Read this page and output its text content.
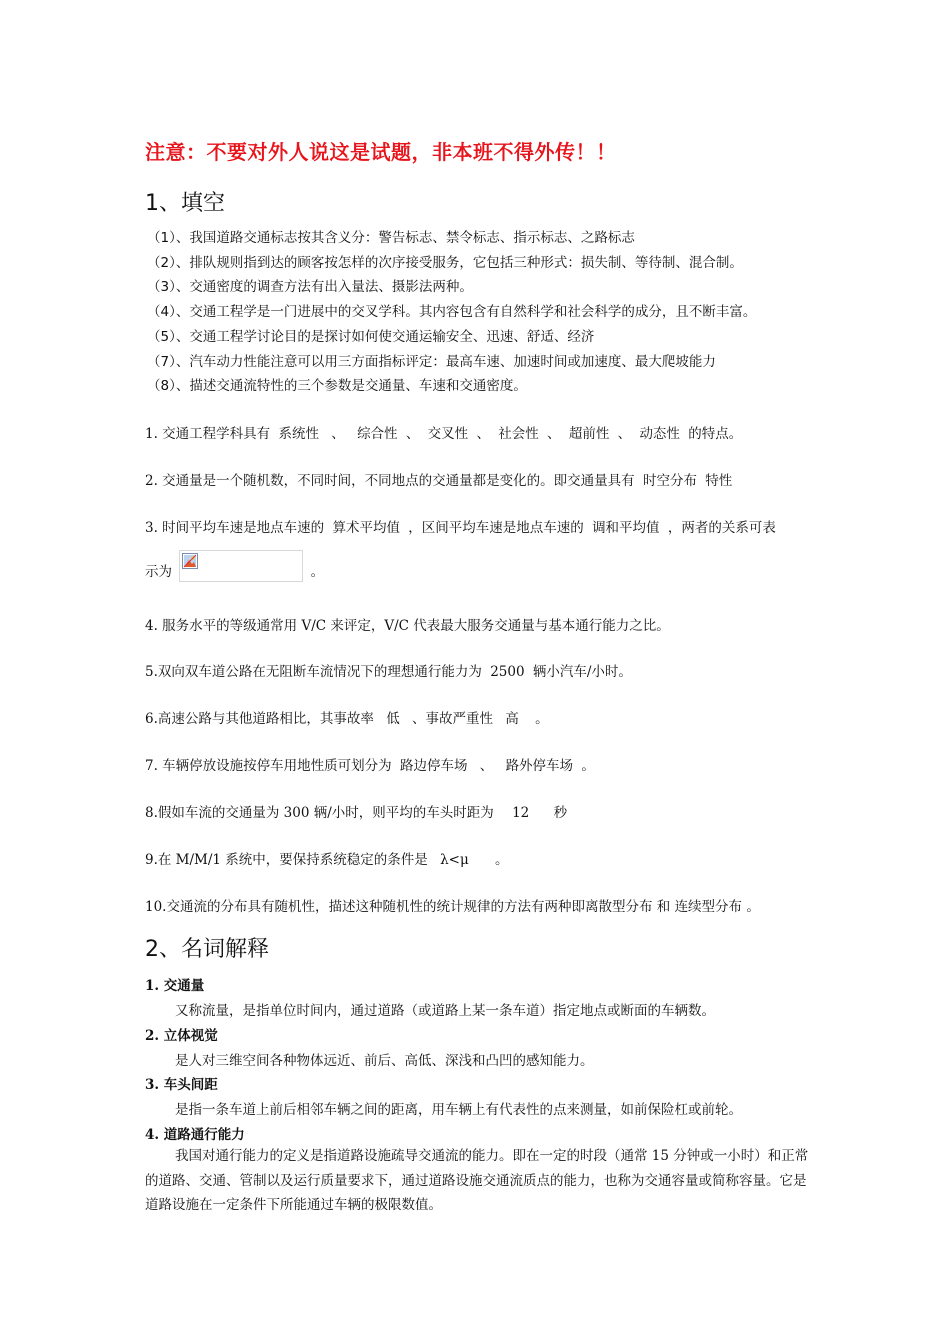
注意：不要对外人说这是试题，非本班不得外传！！
1、填空
（1）、我国道路交通标志按其含义分：警告标志、禁令标志、指示标志、之路标志
（2）、排队规则指到达的顾客按怎样的次序接受服务，它包括三种形式：损失制、等待制、混合制。
（3）、交通密度的调查方法有出入量法、摄影法两种。
（4）、交通工程学是一门进展中的交叉学科。其内容包含有自然科学和社会科学的成分，且不断丰富。
（5）、交通工程学讨论目的是探讨如何使交通运输安全、迅速、舒适、经济
（7）、汽车动力性能注意可以用三方面指标评定：最高车速、加速时间或加速度、最大爬坡能力
（8）、描述交通流特性的三个参数是交通量、车速和交通密度。
1. 交通工程学科具有 系统性 、 综合性 、 交叉性 、 社会性 、 超前性 、 动态性 的特点。
2. 交通量是一个随机数，不同时间，不同地点的交通量都是变化的。即交通量具有 时空分布 特性
3. 时间平均车速是地点车速的 算术平均值 ，区间平均车速是地点车速的 调和平均值 ，两者的关系可表
示为	。
4. 服务水平的等级通常用 V/C 来评定，V/C 代表最大服务交通量与基本通行能力之比。
5.双向双车道公路在无阻断车流情况下的理想通行能力为 2500 辆小汽车/小时。
6.高速公路与其他道路相比，其事故率 低 、事故严重性 高 。
7. 车辆停放设施按停车用地性质可划分为 路边停车场 、 路外停车场 。
8.假如车流的交通量为 300 辆/小时，则平均的车头时距为 12 秒
9.在 M/M/1 系统中，要保持系统稳定的条件是 λ<μ 。
10.交通流的分布具有随机性，描述这种随机性的统计规律的方法有两种即离散型分布 和 连续型分布 。
2、名词解释
1. 交通量
又称流量，是指单位时间内，通过道路（或道路上某一条车道）指定地点或断面的车辆数。
2. 立体视觉
是人对三维空间各种物体远近、前后、高低、深浅和凸凹的感知能力。
3. 车头间距
是指一条车道上前后相邻车辆之间的距离，用车辆上有代表性的点来测量，如前保险杠或前轮。
4. 道路通行能力
我国对通行能力的定义是指道路设施疏导交通流的能力。即在一定的时段（通常 15 分钟或一小时）和正常的道路、交通、管制以及运行质量要求下，通过道路设施交通流质点的能力，也称为交通容量或简称容量。它是道路设施在一定条件下所能通过车辆的极限数值。
